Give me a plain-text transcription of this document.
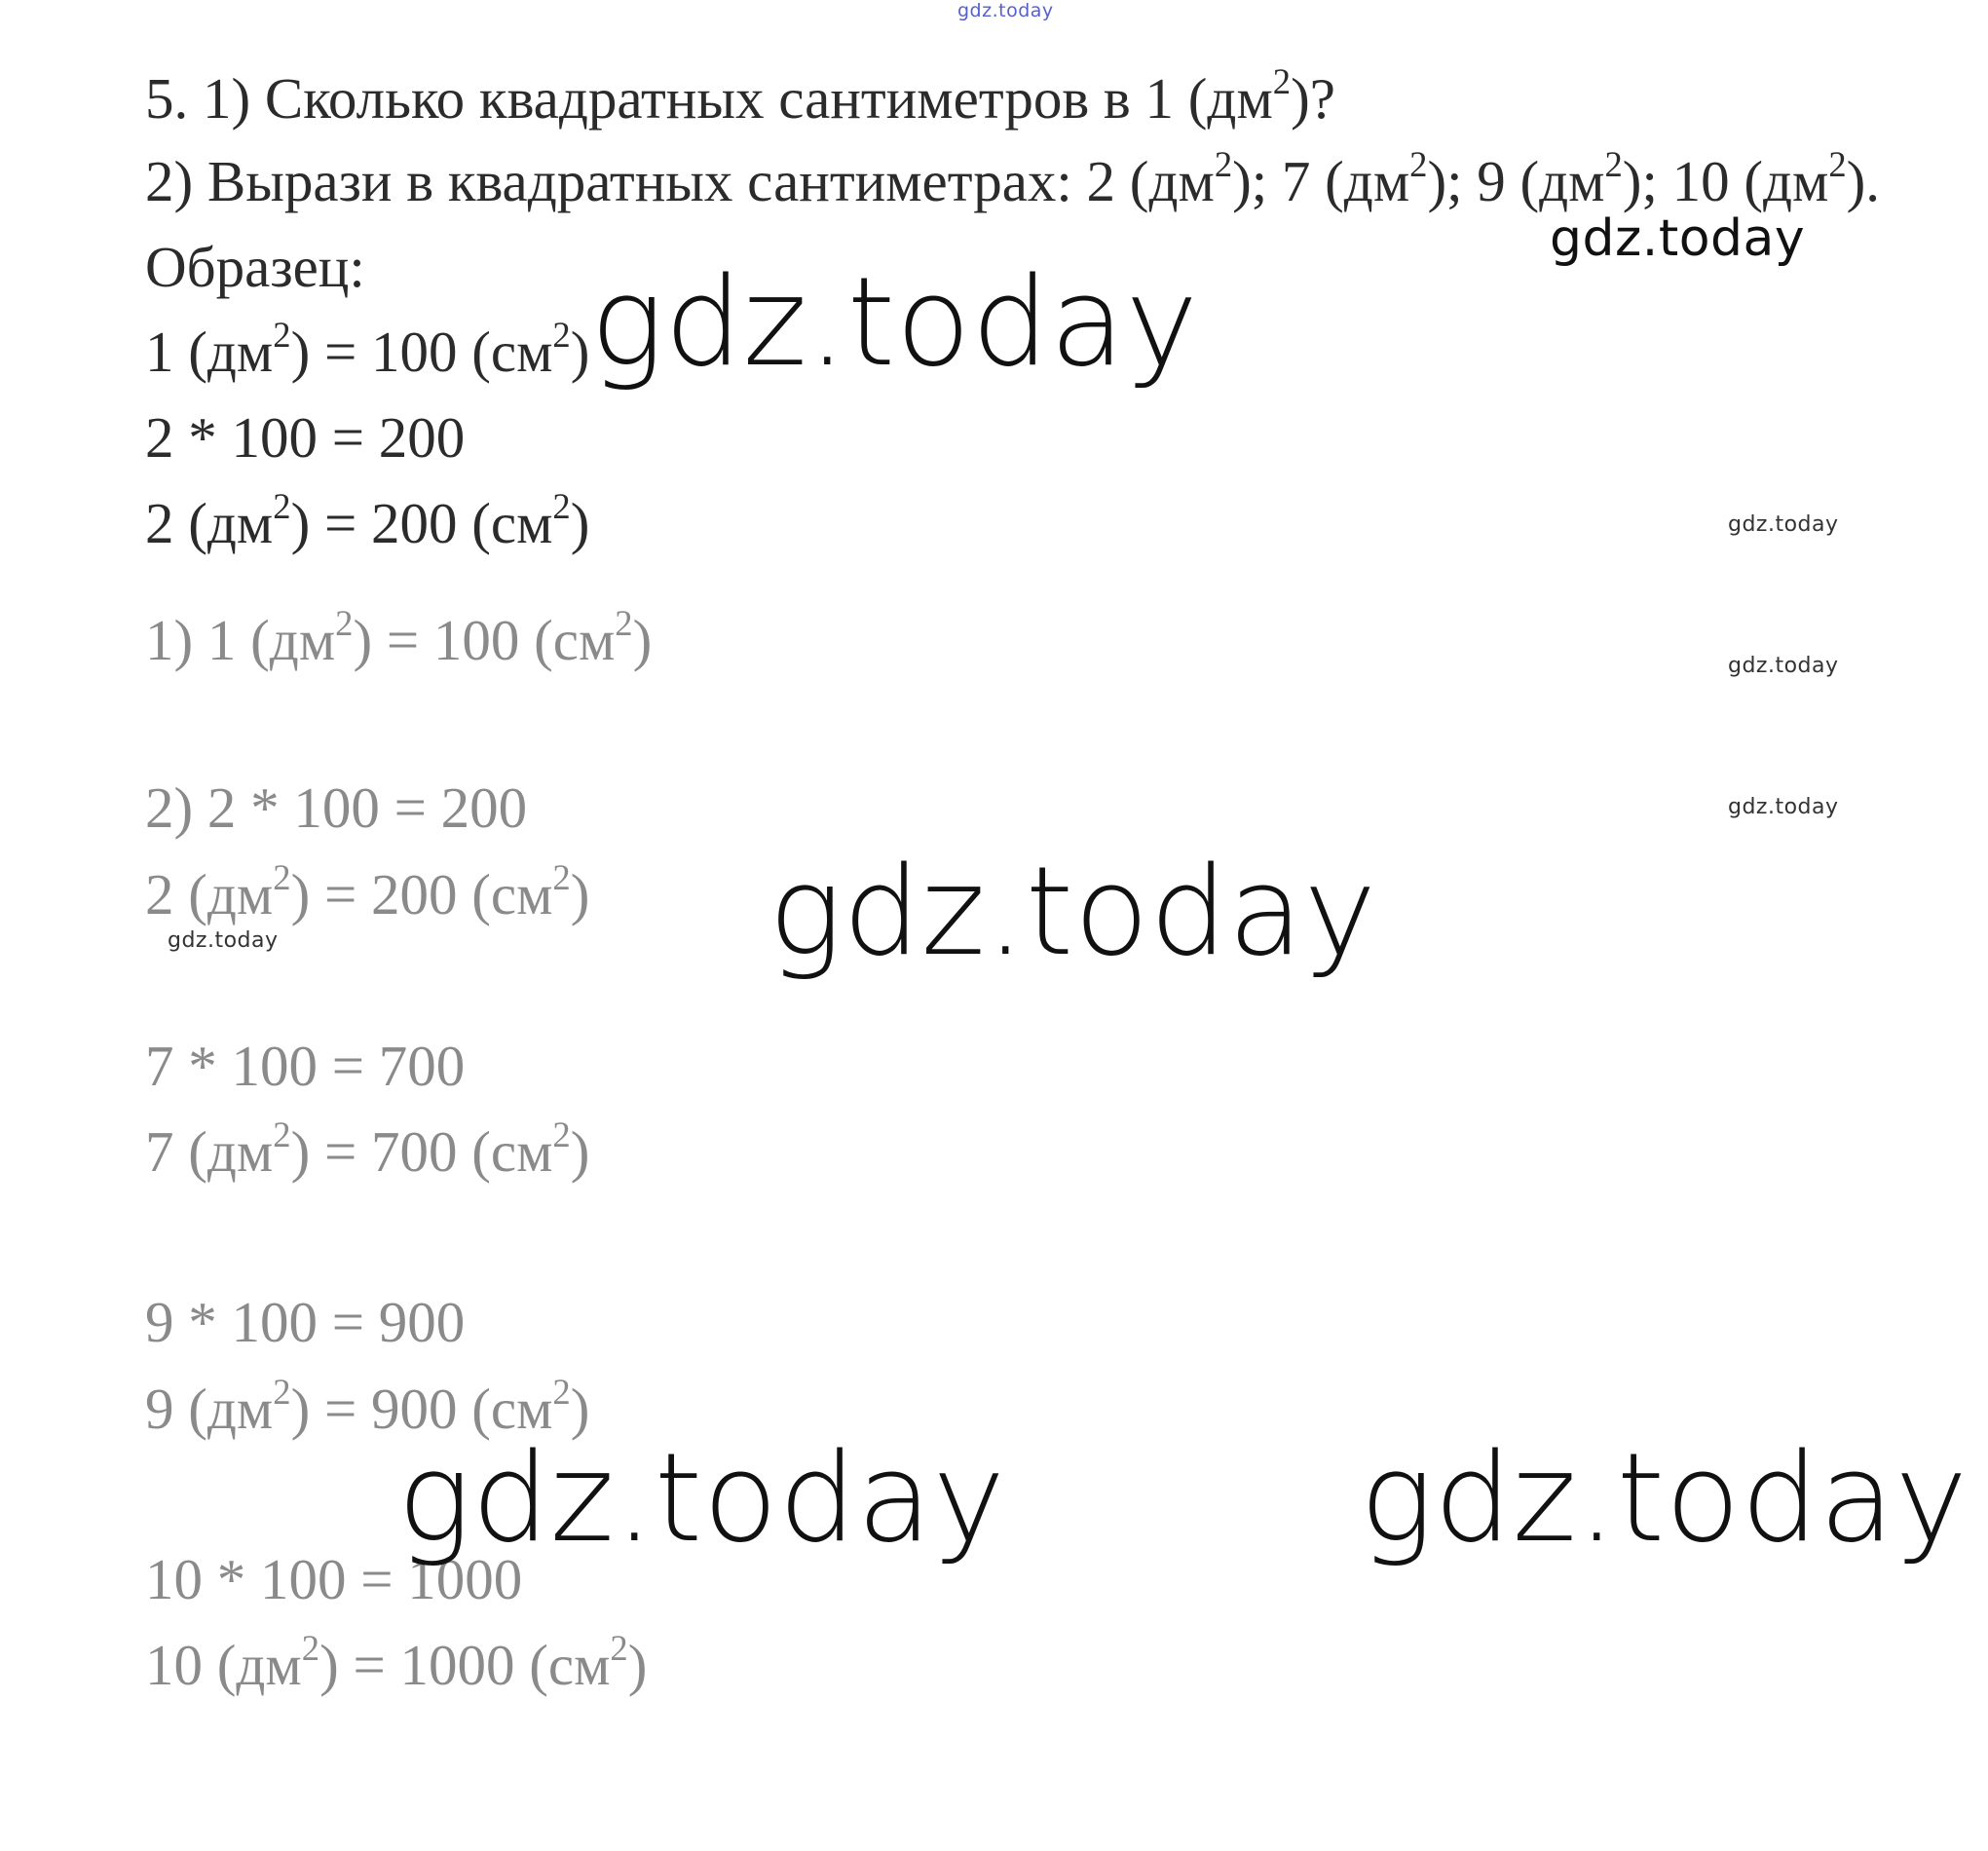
gdz.today
5. 1) Сколько квадратных сантиметров в 1 $(дм^2)$?
2) Вырази в квадратных сантиметрах: 2 $(дм^2)$; 7 $(дм^2)$; 9 $(дм^2)$; 10 $(дм^2)$.
Образец:
1 $(дм^2) = 100$ $(см^2)$
2 * 100 = 200
2 $(дм^2) = 200$ $(см^2)$
1) 1 $(дм^2) = 100$ $(см^2)$
2) 2 * 100 = 200
2 $(дм^2) = 200$ $(см^2)$
7 * 100 = 700
7 $(дм^2) = 700$ $(см^2)$
9 * 100 = 900
9 $(дм^2) = 900$ $(см^2)$
10 * 100 = 1000
10 $(дм^2) = 1000$ $(см^2)$
gdz.today
gdz.today
gdz.today
gdz.today
gdz.today
gdz.today
gdz.today
gdz.today	gdz.today
